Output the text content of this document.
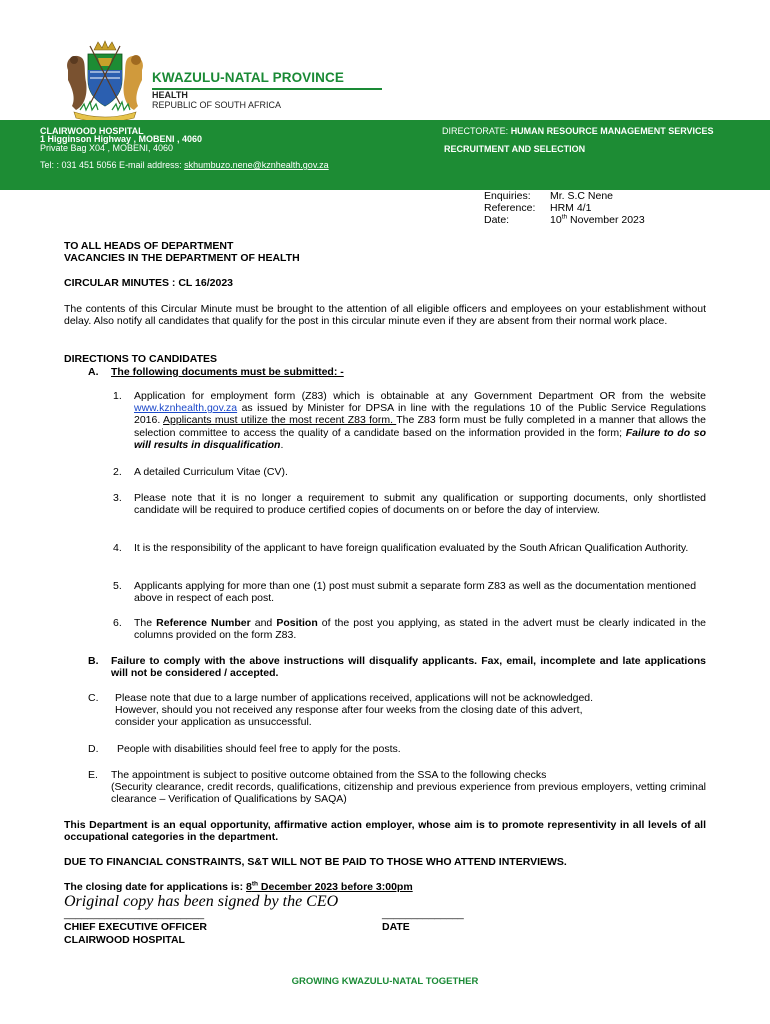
KWAZULU-NATAL PROVINCE
HEALTH
REPUBLIC OF SOUTH AFRICA
CLAIRWOOD HOSPITAL
1 Higginson Highway , MOBENI , 4060
Private Bag X04 , MOBENI, 4060
Tel: : 031 451 5056 E-mail address: skhumbuzo.nene@kznhealth.gov.za
DIRECTORATE: HUMAN RESOURCE MANAGEMENT SERVICES
RECRUITMENT AND SELECTION
Enquiries:	Mr. S.C Nene
Reference:	HRM 4/1
Date:	10th November 2023
TO ALL HEADS OF DEPARTMENT
VACANCIES IN THE DEPARTMENT OF HEALTH
CIRCULAR MINUTES : CL 16/2023
The contents of this Circular Minute must be brought to the attention of all eligible officers and employees on your establishment without delay. Also notify all candidates that qualify for the post in this circular minute even if they are absent from their normal work place.
DIRECTIONS TO CANDIDATES
A. The following documents must be submitted: -
1. Application for employment form (Z83) which is obtainable at any Government Department OR from the website www.kznhealth.gov.za as issued by Minister for DPSA in line with the regulations 10 of the Public Service Regulations 2016. Applicants must utilize the most recent Z83 form. The Z83 form must be fully completed in a manner that allows the selection committee to access the quality of a candidate based on the information provided in the form; Failure to do so will results in disqualification.
2. A detailed Curriculum Vitae (CV).
3. Please note that it is no longer a requirement to submit any qualification or supporting documents, only shortlisted candidate will be required to produce certified copies of documents on or before the day of interview.
4. It is the responsibility of the applicant to have foreign qualification evaluated by the South African Qualification Authority.
5. Applicants applying for more than one (1) post must submit a separate form Z83 as well as the documentation mentioned above in respect of each post.
6. The Reference Number and Position of the post you applying, as stated in the advert must be clearly indicated in the columns provided on the form Z83.
B. Failure to comply with the above instructions will disqualify applicants. Fax, email, incomplete and late applications will not be considered / accepted.
C. Please note that due to a large number of applications received, applications will not be acknowledged.
However, should you not received any response after four weeks from the closing date of this advert,
consider your application as unsuccessful.
D. People with disabilities should feel free to apply for the posts.
E. The appointment is subject to positive outcome obtained from the SSA to the following checks
(Security clearance, credit records, qualifications, citizenship and previous experience from previous employers, vetting criminal clearance – Verification of Qualifications by SAQA)
This Department is an equal opportunity, affirmative action employer, whose aim is to promote representivity in all levels of all occupational categories in the department.
DUE TO FINANCIAL CONSTRAINTS, S&T WILL NOT BE PAID TO THOSE WHO ATTEND INTERVIEWS.
The closing date for applications is: 8th December 2023 before 3:00pm
Original copy has been signed by the CEO
________________________	______________
CHIEF EXECUTIVE OFFICER	DATE
CLAIRWOOD HOSPITAL
GROWING KWAZULU-NATAL TOGETHER
